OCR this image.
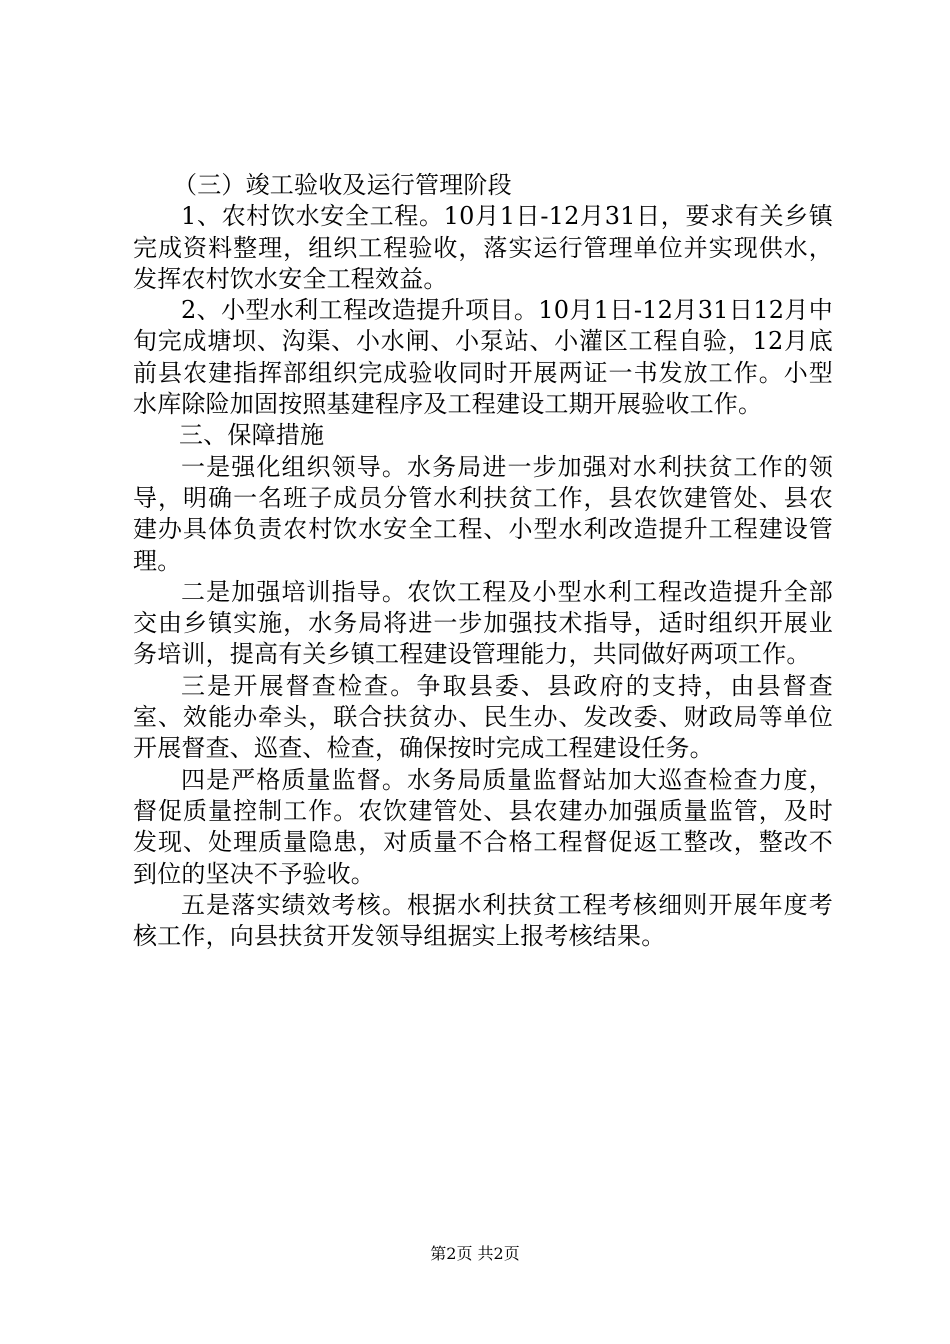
（三）竣工验收及运行管理阶段

1、农村饮水安全工程。10月1日-12月31日，要求有关乡镇完成资料整理，组织工程验收，落实运行管理单位并实现供水，发挥农村饮水安全工程效益。

2、小型水利工程改造提升项目。10月1日-12月31日12月中旬完成塘坝、沟渠、小水闸、小泵站、小灌区工程自验，12月底前县农建指挥部组织完成验收同时开展两证一书发放工作。小型水库除险加固按照基建程序及工程建设工期开展验收工作。

三、保障措施

一是强化组织领导。水务局进一步加强对水利扶贫工作的领导，明确一名班子成员分管水利扶贫工作，县农饮建管处、县农建办具体负责农村饮水安全工程、小型水利改造提升工程建设管理。

二是加强培训指导。农饮工程及小型水利工程改造提升全部交由乡镇实施，水务局将进一步加强技术指导，适时组织开展业务培训，提高有关乡镇工程建设管理能力，共同做好两项工作。

三是开展督查检查。争取县委、县政府的支持，由县督查室、效能办牵头，联合扶贫办、民生办、发改委、财政局等单位开展督查、巡查、检查，确保按时完成工程建设任务。

四是严格质量监督。水务局质量监督站加大巡查检查力度，督促质量控制工作。农饮建管处、县农建办加强质量监管，及时发现、处理质量隐患，对质量不合格工程督促返工整改，整改不到位的坚决不予验收。

五是落实绩效考核。根据水利扶贫工程考核细则开展年度考核工作，向县扶贫开发领导组据实上报考核结果。

第2页 共2页
